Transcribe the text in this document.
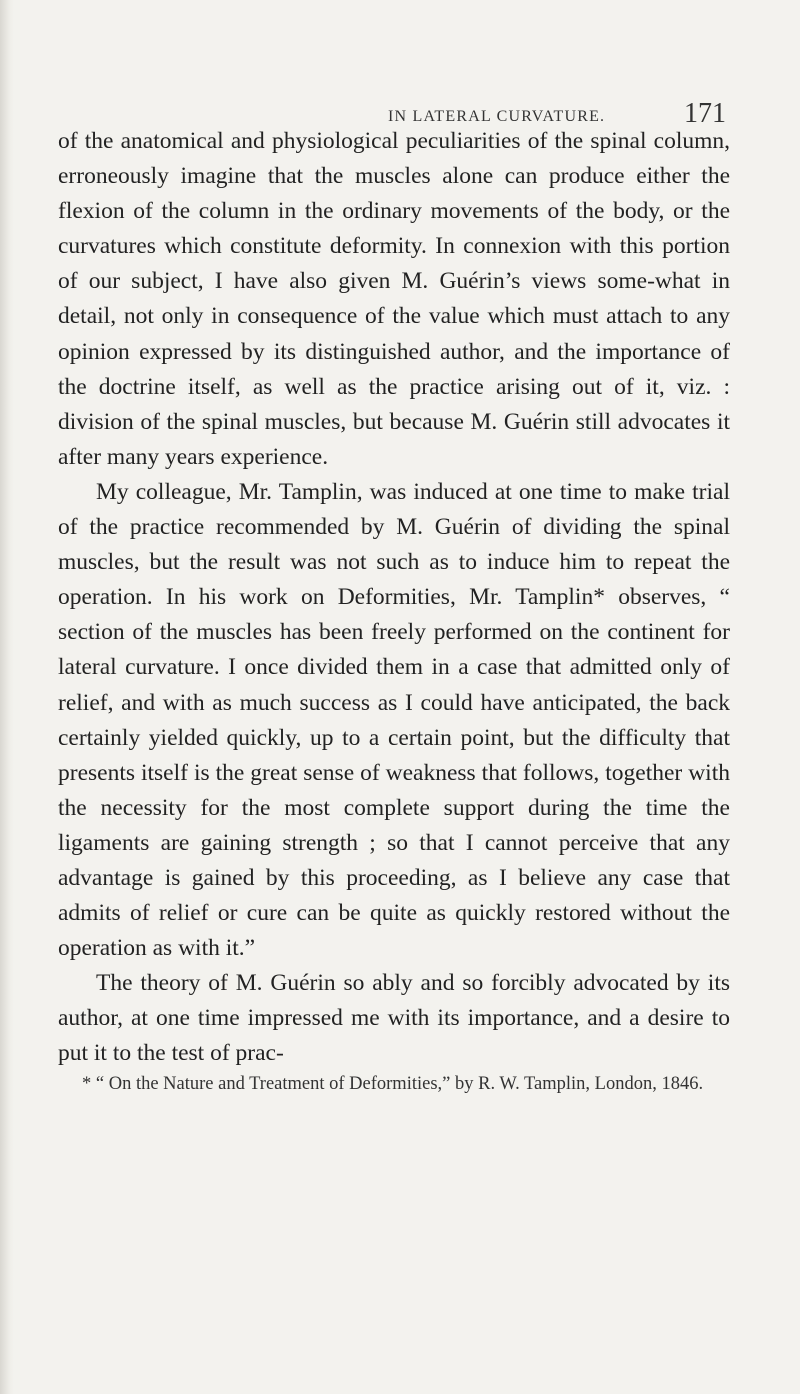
IN LATERAL CURVATURE.	171

of the anatomical and physiological peculiarities of the spinal column, erroneously imagine that the muscles alone can produce either the flexion of the column in the ordinary movements of the body, or the curvatures which constitute deformity. In connexion with this portion of our subject, I have also given M. Guérin’s views some-what in detail, not only in consequence of the value which must attach to any opinion expressed by its distinguished author, and the importance of the doctrine itself, as well as the practice arising out of it, viz. : division of the spinal muscles, but because M. Guérin still advocates it after many years experience.

My colleague, Mr. Tamplin, was induced at one time to make trial of the practice recommended by M. Guérin of dividing the spinal muscles, but the result was not such as to induce him to repeat the operation. In his work on Deformities, Mr. Tamplin* observes, “ section of the muscles has been freely performed on the continent for lateral curvature. I once divided them in a case that admitted only of relief, and with as much success as I could have anticipated, the back certainly yielded quickly, up to a certain point, but the difficulty that presents itself is the great sense of weakness that follows, together with the necessity for the most complete support during the time the ligaments are gaining strength ; so that I cannot perceive that any advantage is gained by this proceeding, as I believe any case that admits of relief or cure can be quite as quickly restored without the operation as with it.”

The theory of M. Guérin so ably and so forcibly advocated by its author, at one time impressed me with its importance, and a desire to put it to the test of prac-

* “ On the Nature and Treatment of Deformities,” by R. W. Tamplin, London, 1846.
